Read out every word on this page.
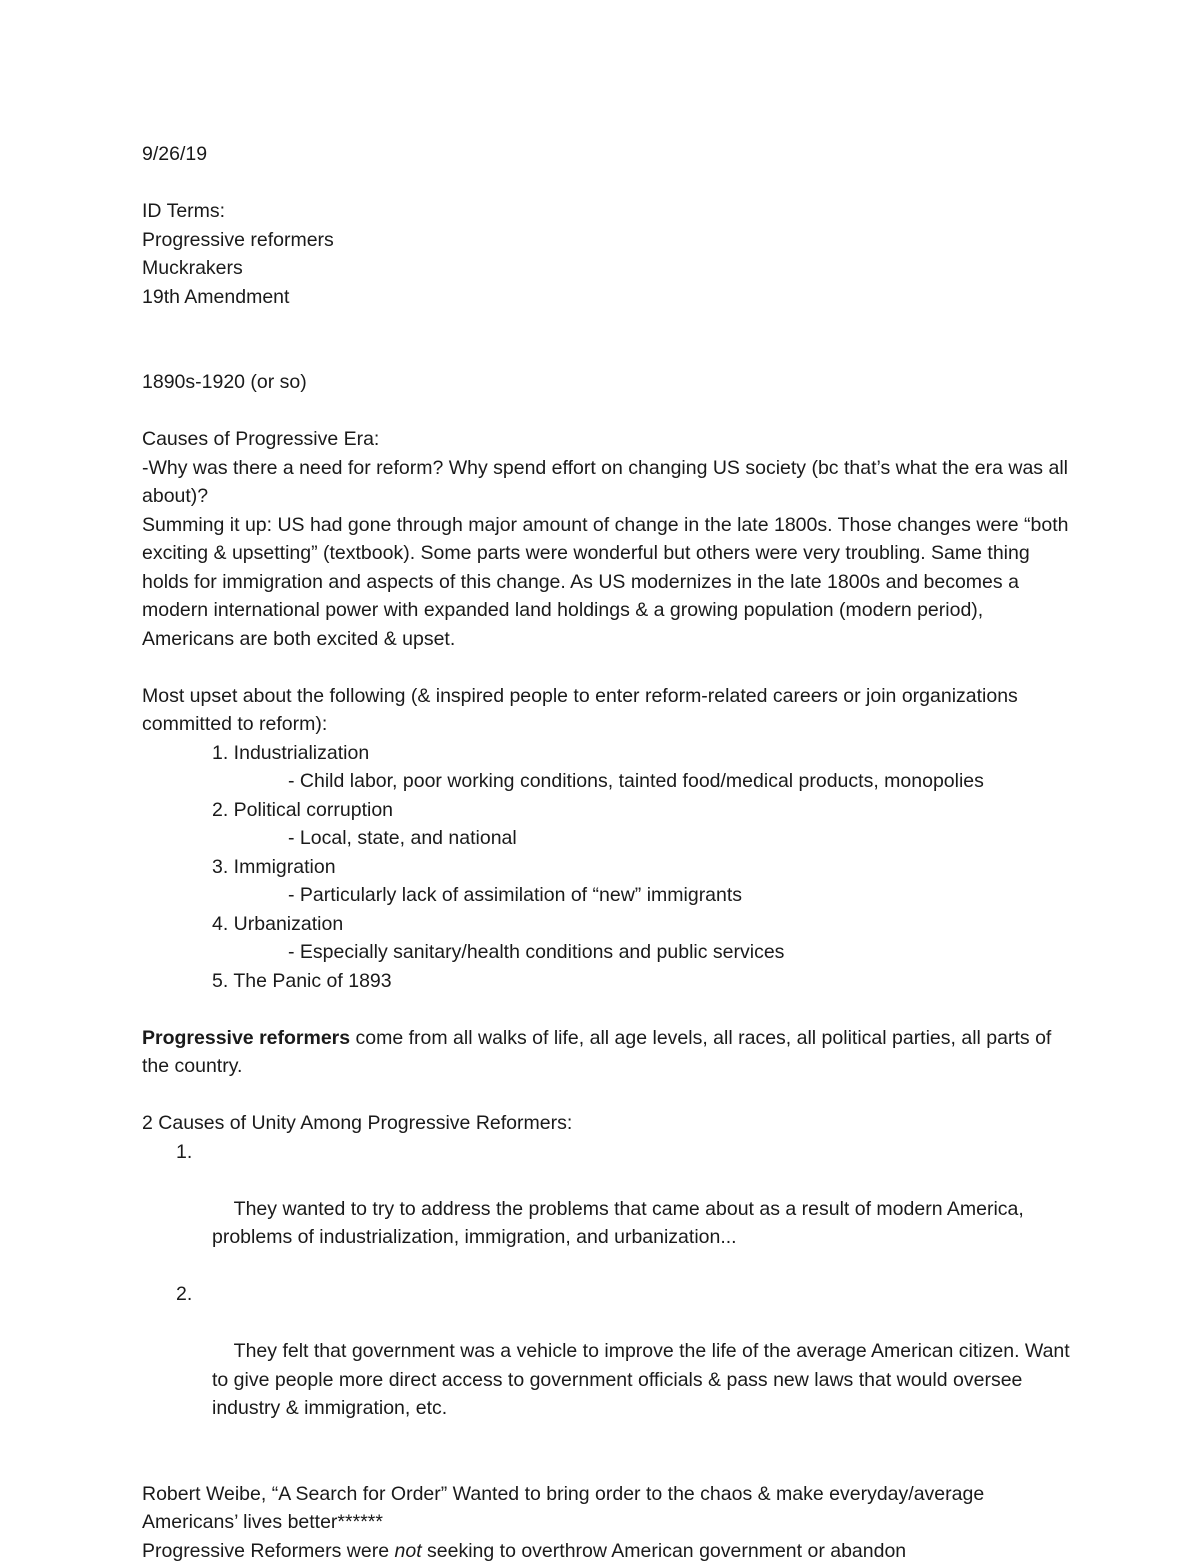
9/26/19
ID Terms:
Progressive reformers
Muckrakers
19th Amendment
1890s-1920 (or so)
Causes of Progressive Era:
-Why was there a need for reform? Why spend effort on changing US society (bc that’s what the era was all about)?
Summing it up: US had gone through major amount of change in the late 1800s. Those changes were “both exciting & upsetting” (textbook). Some parts were wonderful but others were very troubling. Same thing holds for immigration and aspects of this change. As US modernizes in the late 1800s and becomes a modern international power with expanded land holdings & a growing population (modern period), Americans are both excited & upset.
Most upset about the following (& inspired people to enter reform-related careers or join organizations committed to reform):
1. Industrialization
- Child labor, poor working conditions, tainted food/medical products, monopolies
2. Political corruption
- Local, state, and national
3. Immigration
- Particularly lack of assimilation of “new” immigrants
4. Urbanization
- Especially sanitary/health conditions and public services
5. The Panic of 1893
Progressive reformers come from all walks of life, all age levels, all races, all political parties, all parts of the country.
2 Causes of Unity Among Progressive Reformers:

1.

They wanted to try to address the problems that came about as a result of modern America, problems of industrialization, immigration, and urbanization...

2.

They felt that government was a vehicle to improve the life of the average American citizen. Want to give people more direct access to government officials & pass new laws that would oversee industry & immigration, etc.

Robert Weibe, “A Search for Order” Wanted to bring order to the chaos & make everyday/average Americans’ lives better******
Progressive Reformers were not seeking to overthrow American government or abandon
